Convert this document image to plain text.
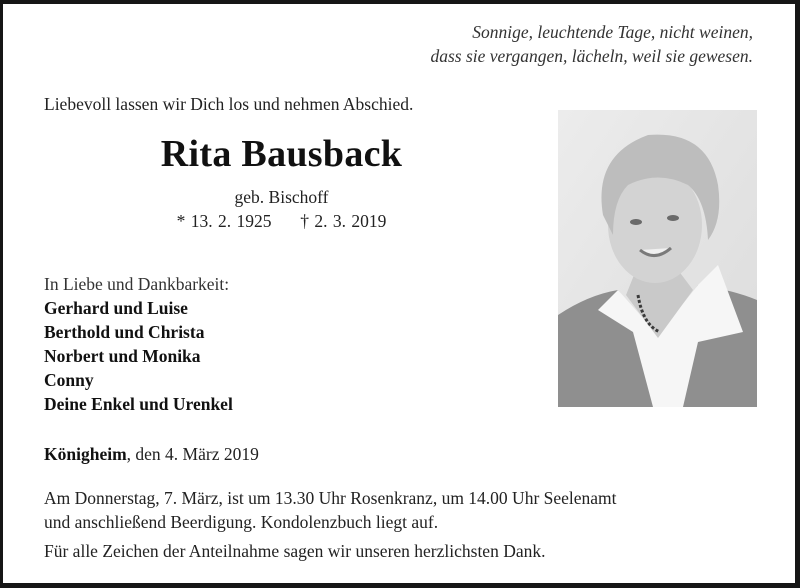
Sonnige, leuchtende Tage, nicht weinen,
dass sie vergangen, lächeln, weil sie gewesen.
Liebevoll lassen wir Dich los und nehmen Abschied.
Rita Bausback
geb. Bischoff
* 13. 2. 1925 † 2. 3. 2019
In Liebe und Dankbarkeit:
Gerhard und Luise
Berthold und Christa
Norbert und Monika
Conny
Deine Enkel und Urenkel
Königheim, den 4. März 2019
Am Donnerstag, 7. März, ist um 13.30 Uhr Rosenkranz, um 14.00 Uhr Seelenamt
und anschließend Beerdigung. Kondolenzbuch liegt auf.
Für alle Zeichen der Anteilnahme sagen wir unseren herzlichsten Dank.
